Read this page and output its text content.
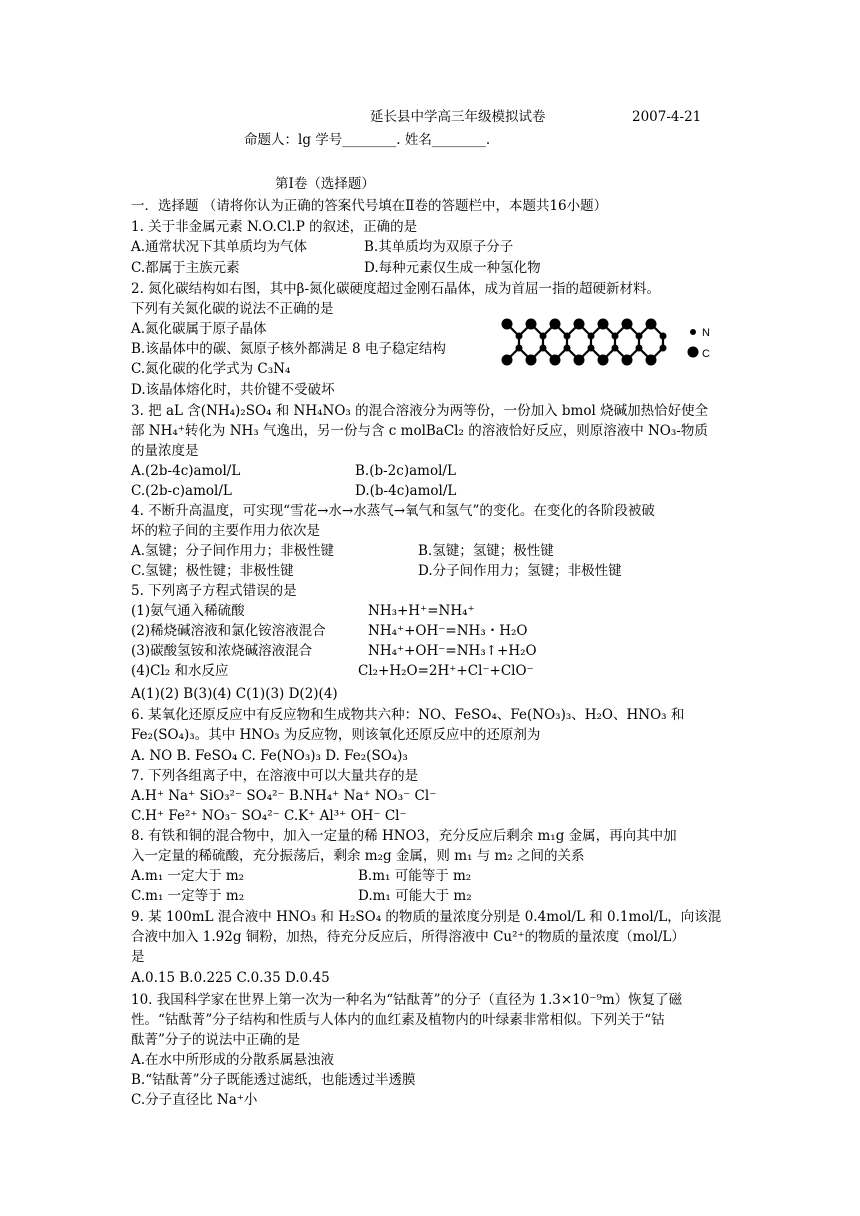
延长县中学高三年级模拟试卷	2007-4-21
命题人：lg 学号________. 姓名________.
第Ⅰ卷（选择题）
一．选择题 （请将你认为正确的答案代号填在Ⅱ卷的答题栏中，本题共16小题）
1. 关于非金属元素 N.O.Cl.P 的叙述，正确的是
A.通常状况下其单质均为气体	B.其单质均为双原子分子
C.都属于主族元素	D.每种元素仅生成一种氢化物
2. 氮化碳结构如右图，其中β-氮化碳硬度超过金刚石晶体，成为首屈一指的超硬新材料。
下列有关氮化碳的说法不正确的是
A.氮化碳属于原子晶体
B.该晶体中的碳、氮原子核外都满足 8 电子稳定结构
C.氮化碳的化学式为 C₃N₄
D.该晶体熔化时，共价键不受破坏
N
C
3. 把 aL 含(NH₄)₂SO₄ 和 NH₄NO₃ 的混合溶液分为两等份，一份加入 bmol 烧碱加热恰好使全
部 NH₄⁺转化为 NH₃ 气逸出，另一份与含 c molBaCl₂ 的溶液恰好反应，则原溶液中 NO₃-物质
的量浓度是
A.(2b-4c)amol/L	B.(b-2c)amol/L
C.(2b-c)amol/L	D.(b-4c)amol/L
4. 不断升高温度，可实现“雪花→水→水蒸气→氧气和氢气”的变化。在变化的各阶段被破
坏的粒子间的主要作用力依次是
A.氢键；分子间作用力；非极性键	B.氢键；氢键；极性键
C.氢键；极性键；非极性键	D.分子间作用力；氢键；非极性键
5. 下列离子方程式错误的是
(1)氨气通入稀硫酸	NH₃+H⁺=NH₄⁺
(2)稀烧碱溶液和氯化铵溶液混合	NH₄⁺+OH⁻=NH₃・H₂O
(3)碳酸氢铵和浓烧碱溶液混合	NH₄⁺+OH⁻=NH₃↑+H₂O
(4)Cl₂ 和水反应	Cl₂+H₂O=2H⁺+Cl⁻+ClO⁻
A(1)(2) B(3)(4) C(1)(3) D(2)(4)
6. 某氧化还原反应中有反应物和生成物共六种：NO、FeSO₄、Fe(NO₃)₃、H₂O、HNO₃ 和
Fe₂(SO₄)₃。其中 HNO₃ 为反应物，则该氧化还原反应中的还原剂为
A. NO B. FeSO₄ C. Fe(NO₃)₃ D. Fe₂(SO₄)₃
7. 下列各组离子中，在溶液中可以大量共存的是
A.H⁺ Na⁺ SiO₃²⁻ SO₄²⁻ B.NH₄⁺ Na⁺ NO₃⁻ Cl⁻
C.H⁺ Fe²⁺ NO₃⁻ SO₄²⁻ C.K⁺ Al³⁺ OH⁻ Cl⁻
8. 有铁和铜的混合物中，加入一定量的稀 HNO3，充分反应后剩余 m₁g 金属，再向其中加
入一定量的稀硫酸，充分振荡后，剩余 m₂g 金属，则 m₁ 与 m₂ 之间的关系
A.m₁ 一定大于 m₂	B.m₁ 可能等于 m₂
C.m₁ 一定等于 m₂	D.m₁ 可能大于 m₂
9. 某 100mL 混合液中 HNO₃ 和 H₂SO₄ 的物质的量浓度分别是 0.4mol/L 和 0.1mol/L，向该混
合液中加入 1.92g 铜粉，加热，待充分反应后，所得溶液中 Cu²⁺的物质的量浓度（mol/L）
是
A.0.15 B.0.225 C.0.35 D.0.45
10. 我国科学家在世界上第一次为一种名为“钴酞菁”的分子（直径为 1.3×10⁻⁹m）恢复了磁
性。“钴酞菁”分子结构和性质与人体内的血红素及植物内的叶绿素非常相似。下列关于“钴
酞菁”分子的说法中正确的是
A.在水中所形成的分散系属悬浊液
B.“钴酞菁”分子既能透过滤纸，也能透过半透膜
C.分子直径比 Na⁺小
